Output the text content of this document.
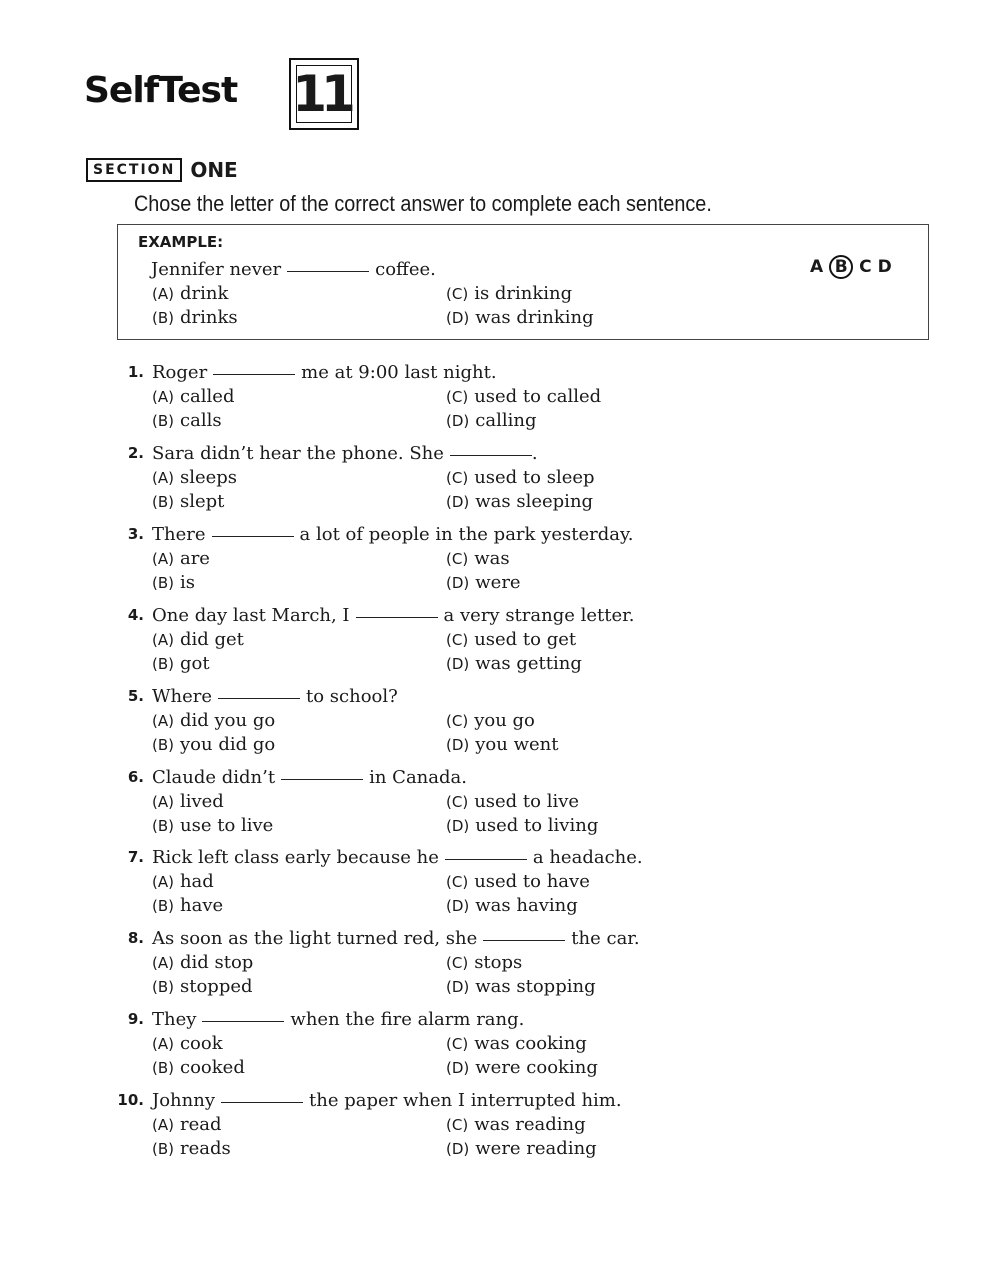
SelfTest 11
SECTION ONE
Chose the letter of the correct answer to complete each sentence.
EXAMPLE:
Jennifer never	coffee.
(A) drink
(B) drinks
(C) is drinking
(D) was drinking
A B C D
1. Roger	me at 9:00 last night.
(A) called
(B) calls
(C) used to called
(D) calling
2. Sara didn’t hear the phone. She	.
(A) sleeps
(B) slept
(C) used to sleep
(D) was sleeping
3. There	a lot of people in the park yesterday.
(A) are
(B) is
(C) was
(D) were
4. One day last March, I	a very strange letter.
(A) did get
(B) got
(C) used to get
(D) was getting
5. Where	to school?
(A) did you go
(B) you did go
(C) you go
(D) you went
6. Claude didn’t	in Canada.
(A) lived
(B) use to live
(C) used to live
(D) used to living
7. Rick left class early because he	a headache.
(A) had
(B) have
(C) used to have
(D) was having
8. As soon as the light turned red, she	the car.
(A) did stop
(B) stopped
(C) stops
(D) was stopping
9. They	when the fire alarm rang.
(A) cook
(B) cooked
(C) was cooking
(D) were cooking
10. Johnny	the paper when I interrupted him.
(A) read
(B) reads
(C) was reading
(D) were reading
